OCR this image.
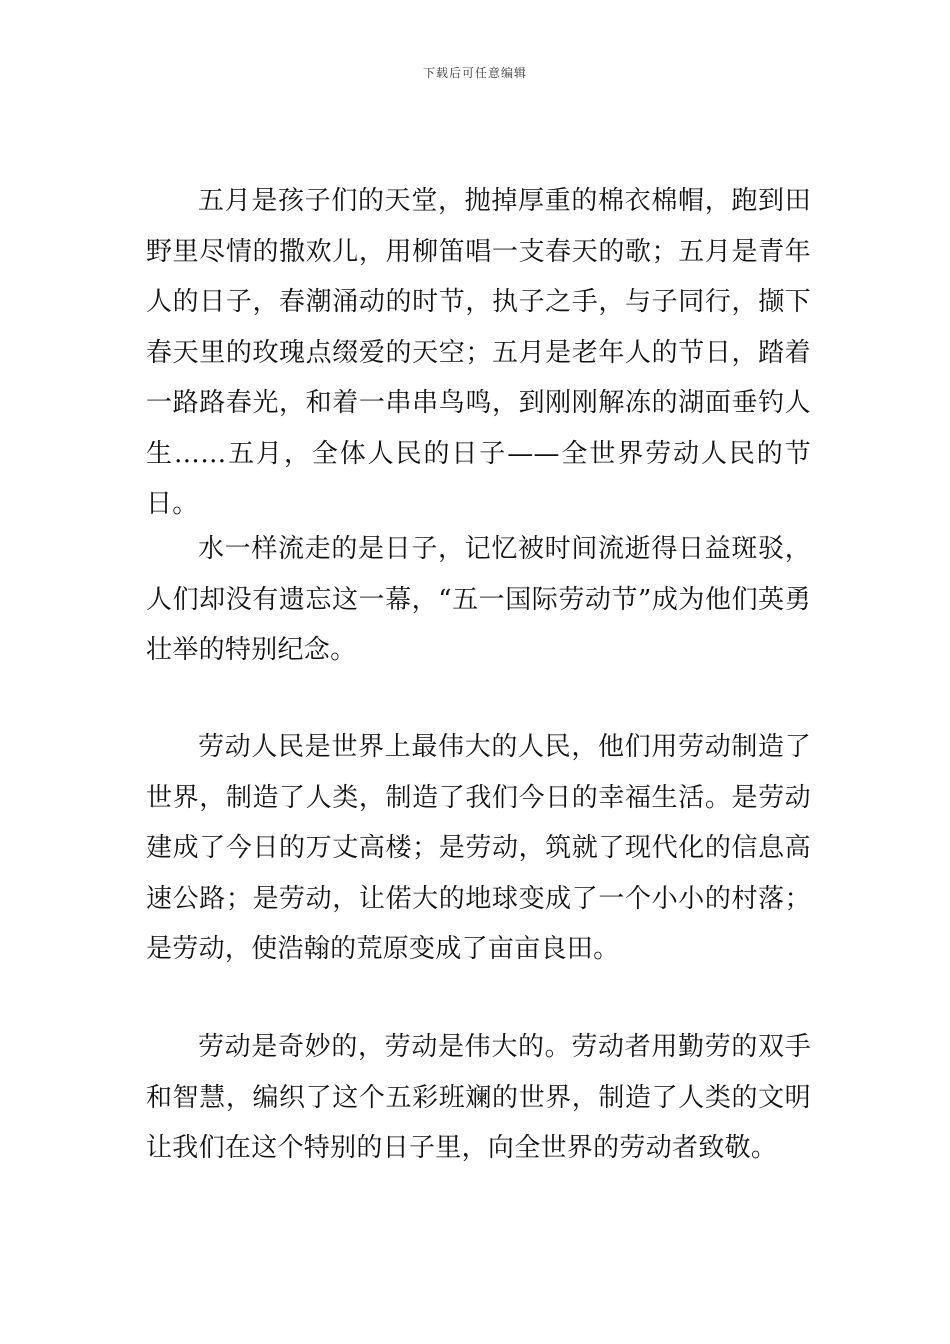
下载后可任意编辑

五月是孩子们的天堂，抛掉厚重的棉衣棉帽，跑到田野里尽情的撒欢儿，用柳笛唱一支春天的歌；五月是青年人的日子，春潮涌动的时节，执子之手，与子同行，撷下春天里的玫瑰点缀爱的天空；五月是老年人的节日，踏着一路路春光，和着一串串鸟鸣，到刚刚解冻的湖面垂钓人生……五月，全体人民的日子——全世界劳动人民的节日。

水一样流走的是日子，记忆被时间流逝得日益斑驳，人们却没有遗忘这一幕，“五一国际劳动节”成为他们英勇壮举的特别纪念。

劳动人民是世界上最伟大的人民，他们用劳动制造了世界，制造了人类，制造了我们今日的幸福生活。是劳动建成了今日的万丈高楼；是劳动，筑就了现代化的信息高速公路；是劳动，让偌大的地球变成了一个小小的村落；是劳动，使浩翰的荒原变成了亩亩良田。

劳动是奇妙的，劳动是伟大的。劳动者用勤劳的双手和智慧，编织了这个五彩班斓的世界，制造了人类的文明让我们在这个特别的日子里，向全世界的劳动者致敬。
